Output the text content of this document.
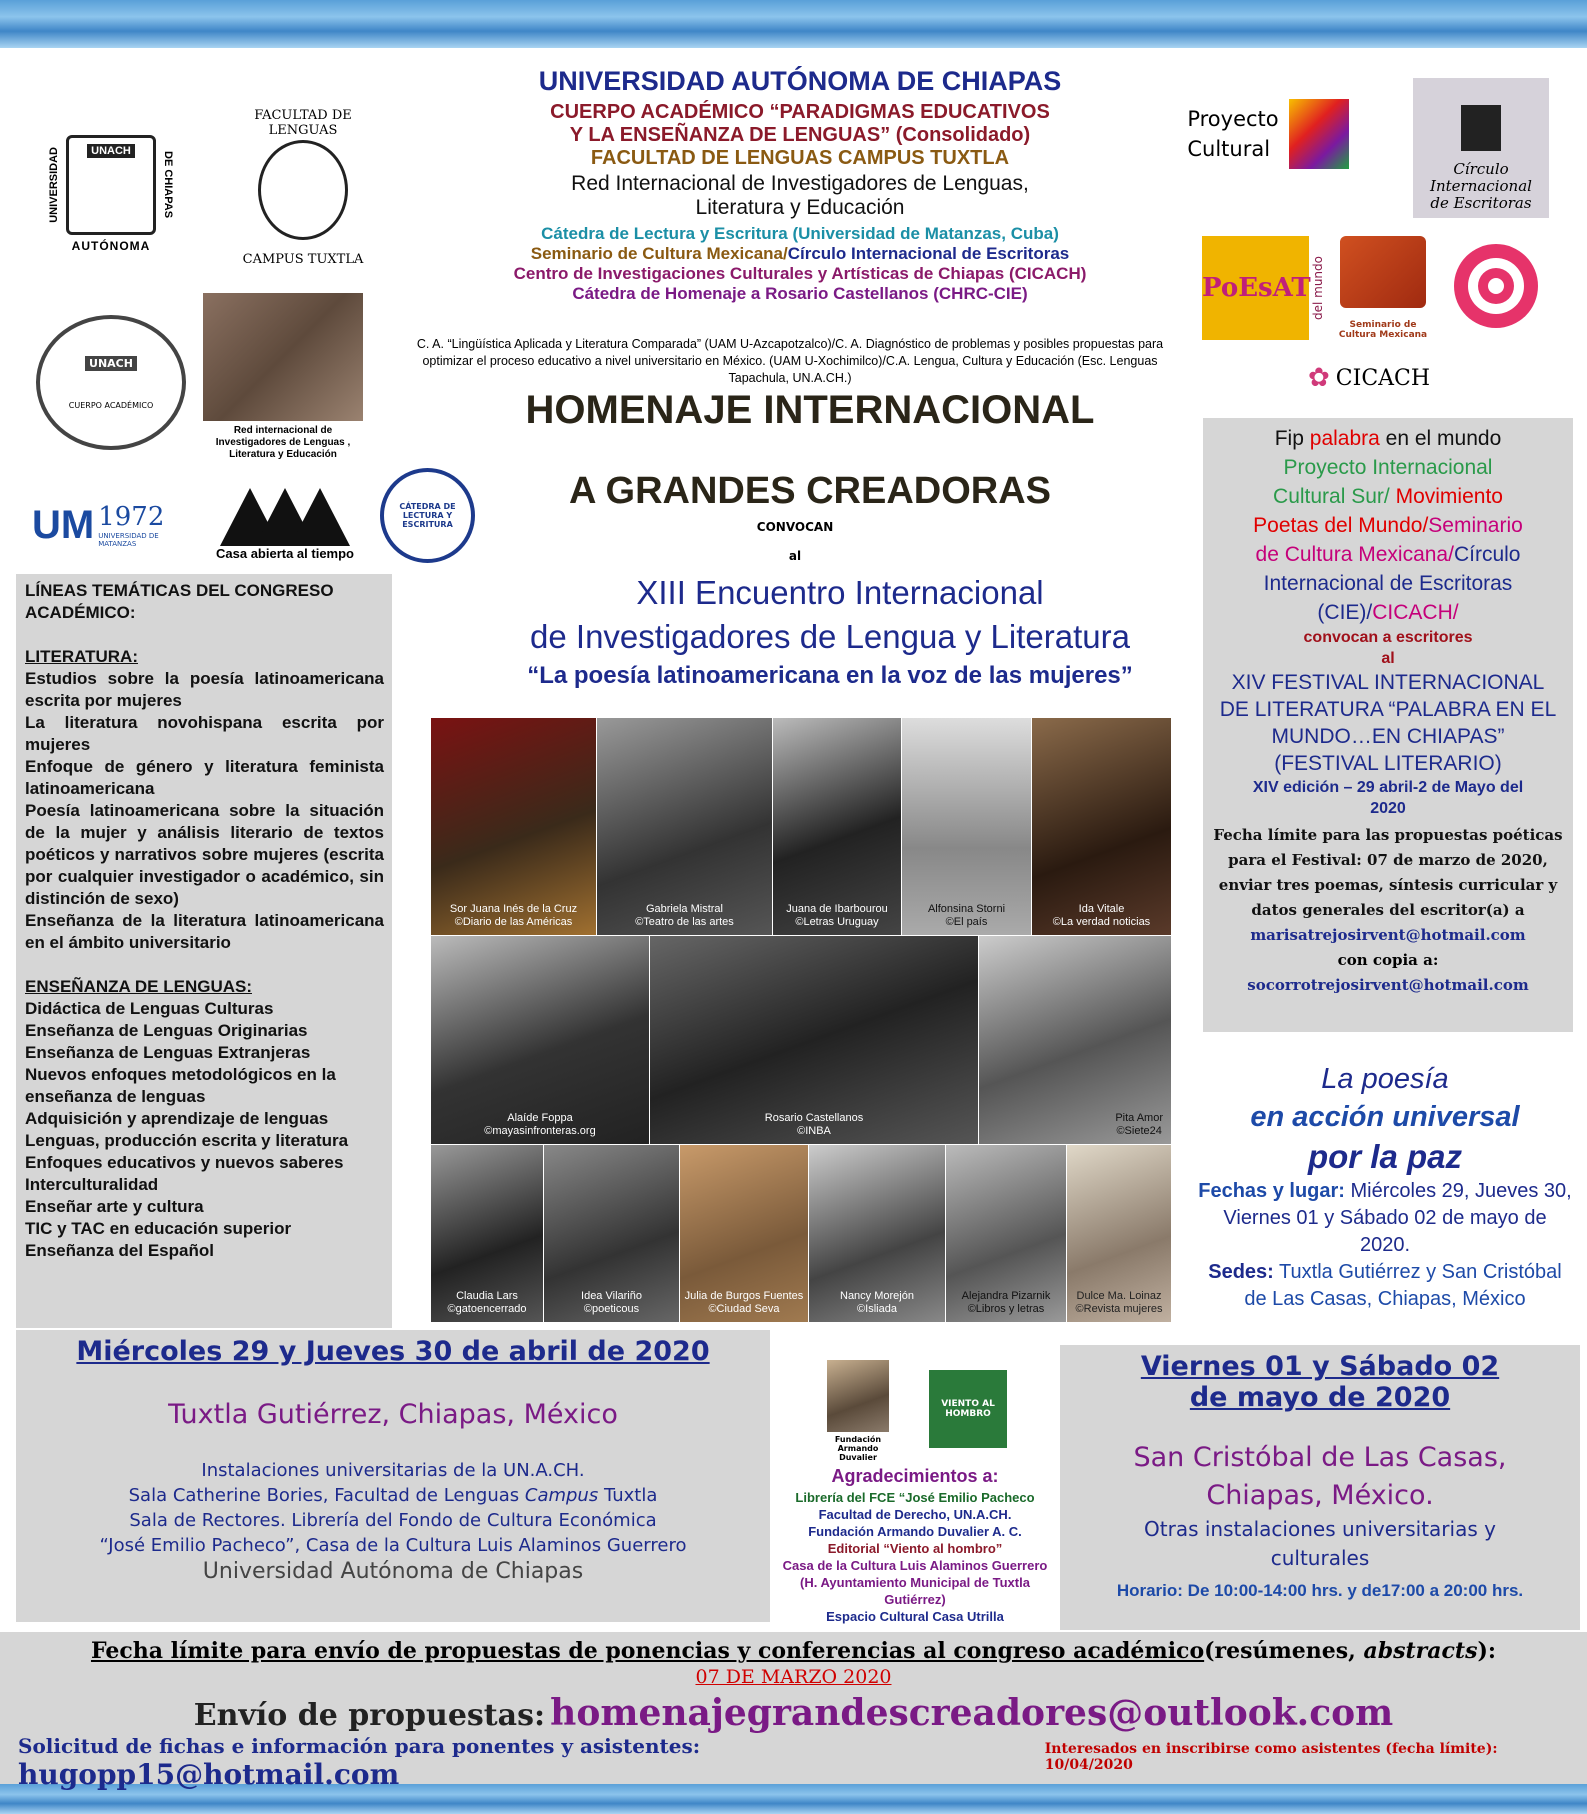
UNIVERSIDAD	UNACH
DE CHIAPAS
AUTÓNOMA
FACULTAD DE LENGUAS
CAMPUS TUXTLA
UNACH
CUERPO ACADÉMICO
Red internacional de Investigadores de Lenguas , Literatura y Educación
UM 1972
UNIVERSIDAD DE MATANZAS
Casa abierta al tiempo
CÁTEDRA DE LECTURA Y ESCRITURA
UNIVERSIDAD AUTÓNOMA DE CHIAPAS
CUERPO ACADÉMICO “PARADIGMAS EDUCATIVOS
Y LA ENSEÑANZA DE LENGUAS” (Consolidado)
FACULTAD DE LENGUAS CAMPUS TUXTLA
Red Internacional de Investigadores de Lenguas,
Literatura y Educación
Cátedra de Lectura y Escritura (Universidad de Matanzas, Cuba)
Seminario de Cultura Mexicana/Círculo Internacional de Escritoras
Centro de Investigaciones Culturales y Artísticas de Chiapas (CICACH)
Cátedra de Homenaje a Rosario Castellanos (CHRC-CIE)
C. A. “Lingüística Aplicada y Literatura Comparada” (UAM U-Azcapotzalco)/C. A. Diagnóstico de problemas y posibles propuestas para optimizar el proceso educativo a nivel universitario en México. (UAM U-Xochimilco)/C.A. Lengua, Cultura y Educación (Esc. Lenguas Tapachula, UN.A.CH.)
HOMENAJE INTERNACIONAL
A GRANDES CREADORAS
CONVOCAN
al
XIII Encuentro Internacional
de Investigadores de Lengua y Literatura
“La poesía latinoamericana en la voz de las mujeres”
Proyecto
Cultural
Círculo
Internacional
de Escritoras
PoEsAT del mundo
Seminario de Cultura Mexicana
✿ CICACH
LÍNEAS TEMÁTICAS DEL CONGRESO ACADÉMICO:
LITERATURA:
Estudios sobre la poesía latinoamericana escrita por mujeres
La literatura novohispana escrita por mujeres
Enfoque de género y literatura feminista latinoamericana
Poesía latinoamericana sobre la situación de la mujer y análisis literario de textos poéticos y narrativos sobre mujeres (escrita por cualquier investigador o académico, sin distinción de sexo)
Enseñanza de la literatura latinoamericana en el ámbito universitario
ENSEÑANZA DE LENGUAS:
Didáctica de Lenguas Culturas
Enseñanza de Lenguas Originarias
Enseñanza de Lenguas Extranjeras
Nuevos enfoques metodológicos en la enseñanza de lenguas
Adquisición y aprendizaje de lenguas
Lenguas, producción escrita y literatura
Enfoques educativos y nuevos saberes
Interculturalidad
Enseñar arte y cultura
TIC y TAC en educación superior
Enseñanza del Español
Sor Juana Inés de la Cruz
©Diario de las Américas
Gabriela Mistral
©Teatro de las artes
Juana de Ibarbourou
©Letras Uruguay
Alfonsina Storni
©El país
Ida Vitale
©La verdad noticias
Alaíde Foppa
©mayasinfronteras.org
Rosario Castellanos
©INBA
Pita Amor
©Siete24
Claudia Lars
©gatoencerrado
Idea Vilariño
©poeticous
Julia de Burgos Fuentes
©Ciudad Seva
Nancy Morejón
©Isliada
Alejandra Pizarnik
©Libros y letras
Dulce Ma. Loinaz
©Revista mujeres
Fip palabra en el mundo
Proyecto Internacional
Cultural Sur/ Movimiento
Poetas del Mundo/Seminario
de Cultura Mexicana/Círculo
Internacional de Escritoras
(CIE)/CICACH/
convocan a escritores
al
XIV FESTIVAL INTERNACIONAL DE LITERATURA “PALABRA EN EL MUNDO…EN CHIAPAS” (FESTIVAL LITERARIO)
XIV edición – 29 abril-2 de Mayo del 2020
Fecha límite para las propuestas poéticas para el Festival: 07 de marzo de 2020, enviar tres poemas, síntesis curricular y datos generales del escritor(a) a
marisatrejosirvent@hotmail.com
con copia a:
socorrotrejosirvent@hotmail.com
La poesía
en acción universal
por la paz
Fechas y lugar: Miércoles 29, Jueves 30, Viernes 01 y Sábado 02 de mayo de 2020.
Sedes: Tuxtla Gutiérrez y San Cristóbal de Las Casas, Chiapas, México
Miércoles 29 y Jueves 30 de abril de 2020
Tuxtla Gutiérrez, Chiapas, México
Instalaciones universitarias de la UN.A.CH.
Sala Catherine Bories, Facultad de Lenguas Campus Tuxtla
Sala de Rectores. Librería del Fondo de Cultura Económica
“José Emilio Pacheco”, Casa de la Cultura Luis Alaminos Guerrero
Universidad Autónoma de Chiapas
Fundación Armando Duvalier
VIENTO AL HOMBRO
Agradecimientos a:
Librería del FCE “José Emilio Pacheco
Facultad de Derecho, UN.A.CH.
Fundación Armando Duvalier A. C.
Editorial “Viento al hombro”
Casa de la Cultura Luis Alaminos Guerrero (H. Ayuntamiento Municipal de Tuxtla Gutiérrez)
Espacio Cultural Casa Utrilla
Viernes 01 y Sábado 02
de mayo de 2020
San Cristóbal de Las Casas,
Chiapas, México.
Otras instalaciones universitarias y culturales
Horario: De 10:00-14:00 hrs. y de17:00 a 20:00 hrs.
Fecha límite para envío de propuestas de ponencias y conferencias al congreso académico(resúmenes, abstracts):
07 DE MARZO 2020
Envío de propuestas: homenajegrandescreadores@outlook.com
Solicitud de fichas e información para ponentes y asistentes: hugopp15@hotmail.com
Interesados en inscribirse como asistentes (fecha límite): 10/04/2020
